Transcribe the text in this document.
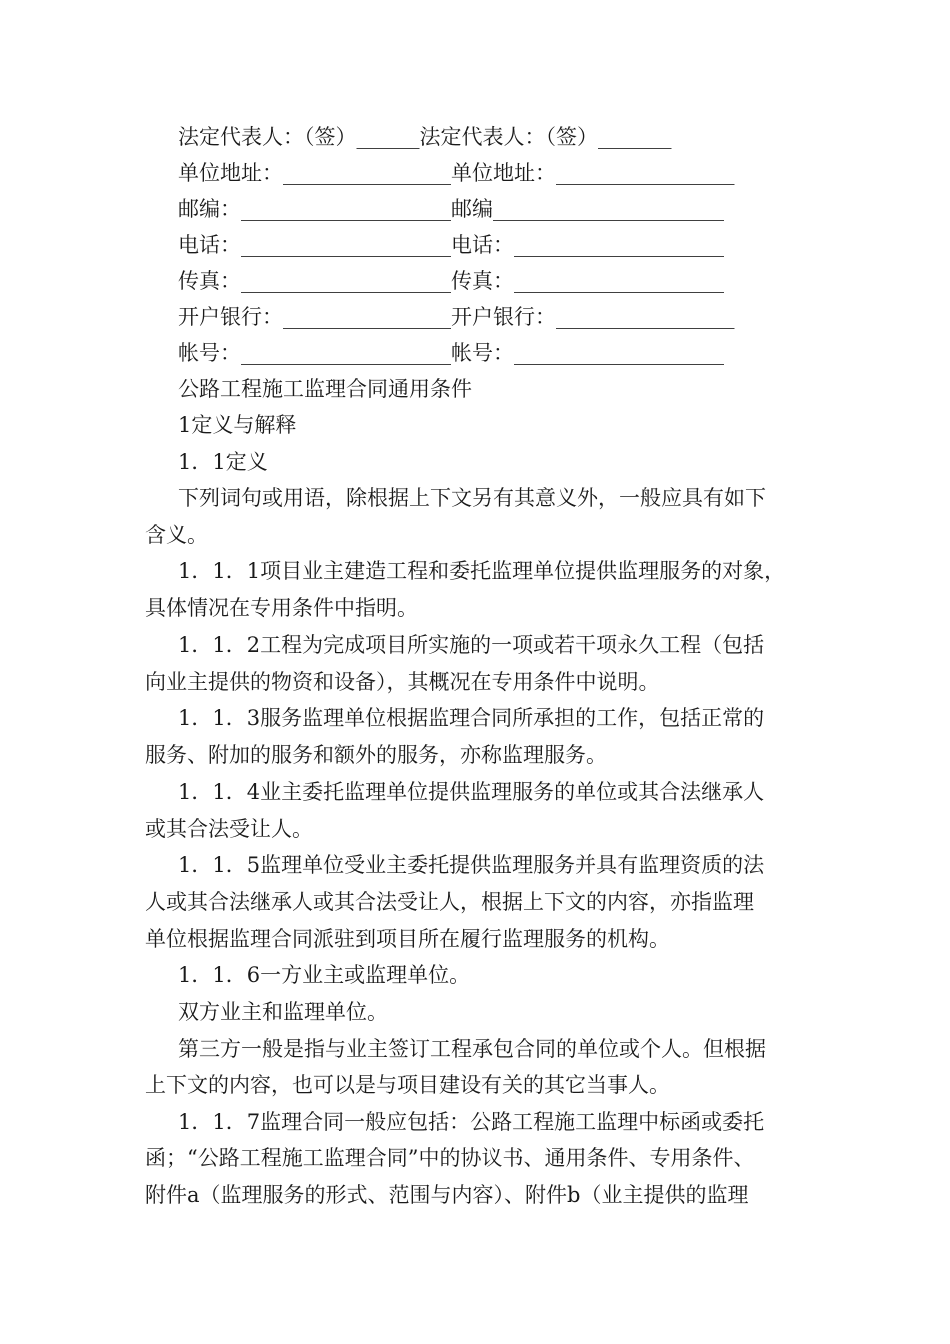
法定代表人：（签）______法定代表人：（签）_______
单位地址：________________单位地址：_________________
邮编：____________________邮编______________________
电话：____________________电话：____________________
传真：____________________传真：____________________
开户银行：________________开户银行：_________________
帐号：____________________帐号：____________________
公路工程施工监理合同通用条件
1定义与解释
1．1定义
下列词句或用语，除根据上下文另有其意义外，一般应具有如下
含义。
1．1．1项目业主建造工程和委托监理单位提供监理服务的对象，
具体情况在专用条件中指明。
1．1．2工程为完成项目所实施的一项或若干项永久工程（包括
向业主提供的物资和设备），其概况在专用条件中说明。
1．1．3服务监理单位根据监理合同所承担的工作，包括正常的
服务、附加的服务和额外的服务，亦称监理服务。
1．1．4业主委托监理单位提供监理服务的单位或其合法继承人
或其合法受让人。
1．1．5监理单位受业主委托提供监理服务并具有监理资质的法
人或其合法继承人或其合法受让人，根据上下文的内容，亦指监理
单位根据监理合同派驻到项目所在履行监理服务的机构。
1．1．6一方业主或监理单位。
双方业主和监理单位。
第三方一般是指与业主签订工程承包合同的单位或个人。但根据
上下文的内容，也可以是与项目建设有关的其它当事人。
1．1．7监理合同一般应包括：公路工程施工监理中标函或委托
函；“公路工程施工监理合同”中的协议书、通用条件、专用条件、
附件a（监理服务的形式、范围与内容）、附件b（业主提供的监理
